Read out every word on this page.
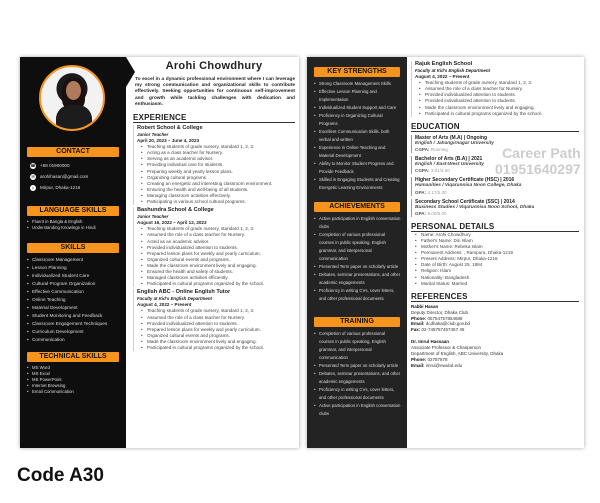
CONTACT
☎ +88 01900000
✉ arohihasan@gmail.com
⌂	Mirpur, Dhaka-1216
LANGUAGE SKILLS
• Fluent in Bangla & English
• Understanding Knowlege in Hindi
SKILLS
• Classroom Management
• Lesson Planning
• Individualized Student Care
• Cultural Program Organization
• Effective Communication
• Online Teaching
• Material Development
• Student Monitoring and Feedback
• Classroom Engagement Techniques
• Curriculum Development
• Communication
TECHNICAL SKILLS
• MS Word
• MS Excel
• MS PowerPoint
• Internet Browsing
• Email Communication
Arohi Chowdhury
To excel in a dynamic professional environment where I can leverage my strong communication and organizational skills to contribute effectively. Seeking opportunities for continuous self-improvement and growth while tackling challenges with dedication and enthusiasm.
EXPERIENCE
Robert School & College
Junior Teacher
April 20, 2023 – June 4, 2023
• Teaching students of grade nursery, standard 1, 2, 3.
• Acting as a class teacher for Nursery.
• Serving as an academic advisor.
• Providing individual care for students.
• Preparing weekly and yearly lesson plans.
• Organizing cultural programs.
• Creating an energetic and interesting classroom environment.
• Ensuring the health and well-being of all students.
• Managing classroom activities effectively.
• Participating in various school cultural programs.
Bashundra School & College
Junior Teacher
August 16, 2022 – April 12, 2023
• Teaching students of grade nursery, standard 1, 2, 3.
• Assumed the role of a class teacher for Nursery.
• Acted as an academic advisor.
• Provided individualized attention to students.
• Prepared lesson plans for weekly and yearly curriculum.
• Organized cultural events and programs.
• Made the classroom environment lively and engaging.
• Ensured the health and safety of students.
• Managed classroom activities efficiently.
• Participated in cultural programs organized by the school.
English ABC - Online English Tutor
Faculty at Kid's English Department
August 4, 2022 – Present
• Teaching students of grade nursery, standard 1, 2, 3.
• Assumed the role of a class teacher for Nursery.
• Provided individualized attention to students.
• Prepared lesson plans for weekly and yearly curriculum.
• Organized cultural events and programs.
• Made the classroom environment lively and engaging.
• Participated in cultural programs organized by the school.
KEY STRENGTHS
• Strong Classroom Management Skills
• Effective Lesson Planning and Implementation
• Individualized Student Support and Care
• Proficiency in Organizing Cultural Programs
• Excellent Communication Skills, both verbal and written
• Experience in Online Teaching and Material Development
• Ability to Monitor Student Progress and Provide Feedback
• Skilled in Engaging Students and Creating Energetic Learning Environments
ACHIEVEMENTS
• Active participation in English conversation clubs
• Completion of various professional courses in public speaking, English grammar, and interpersonal communication
• Presented Term paper on scholarly article
• Debates, seminar presentations, and other academic engagements
• Proficiency in writing CVs, cover letters, and other professional documents
TRAINING
• Completion of various professional courses in public speaking, English grammar, and interpersonal communication
• Presented Term paper on scholarly article
• Debates, seminar presentations, and other academic engagements
• Proficiency in writing CVs, cover letters, and other professional documents
• Active participation in English conversation clubs
Rajuk English School
Faculty at Kid's English Department
August 4, 2022 – Present
• Teaching students of grade nursery, standard 1, 2, 3.
• Assumed the role of a class teacher for Nursery.
• Provided individualized attention to students.
• Provided individualized attention to students.
• Made the classroom environment lively and engaging.
• Participated in cultural programs organized by the school.
EDUCATION
Master of Arts (M.A) | Ongoing
English / Jahangirnagar University
CGPA: Running
Bachelor of Arts (B.A) | 2021
English / East-West University
CGPA: 3.01/4.00
Higher Secondary Certificate (HSC) | 2016
Humanities / Viqarunnisa Noon College, Dhaka
GPA: 4.17/5.00
Secondary School Certificate (SSC) | 2014
Business Studies / Viqarunnisa Noon School, Dhaka
GPA: 5.00/5.00
PERSONAL DETAILS
• Name: Arohi Chowdhury
• Father's Name: Din Islam
• Mother's Name: Rebeka Islam
• Permanent Address: , Rampura, Dhaka-1219
• Present Address: Mirpur, Dhaka-1216
• Date of Birth: August 25, 1994
• Religion: Islam
• Nationality: Bangladesh
• Marital Status: Married
REFERENCES
Rabbi Hasan
Deputy Director, Dhaka Club
Phone: 05754757854688
Email: dcdhaka@club.gov.bd
Fax: 02-745757457457 45
Dr. Imrul Hassaan
Associate Professor & Chairperson
Department of English, ABC University, Dhaka
Phone: 02787878
Email: imrul@ewubd.edu
Career Path
01951640297
Code A30
